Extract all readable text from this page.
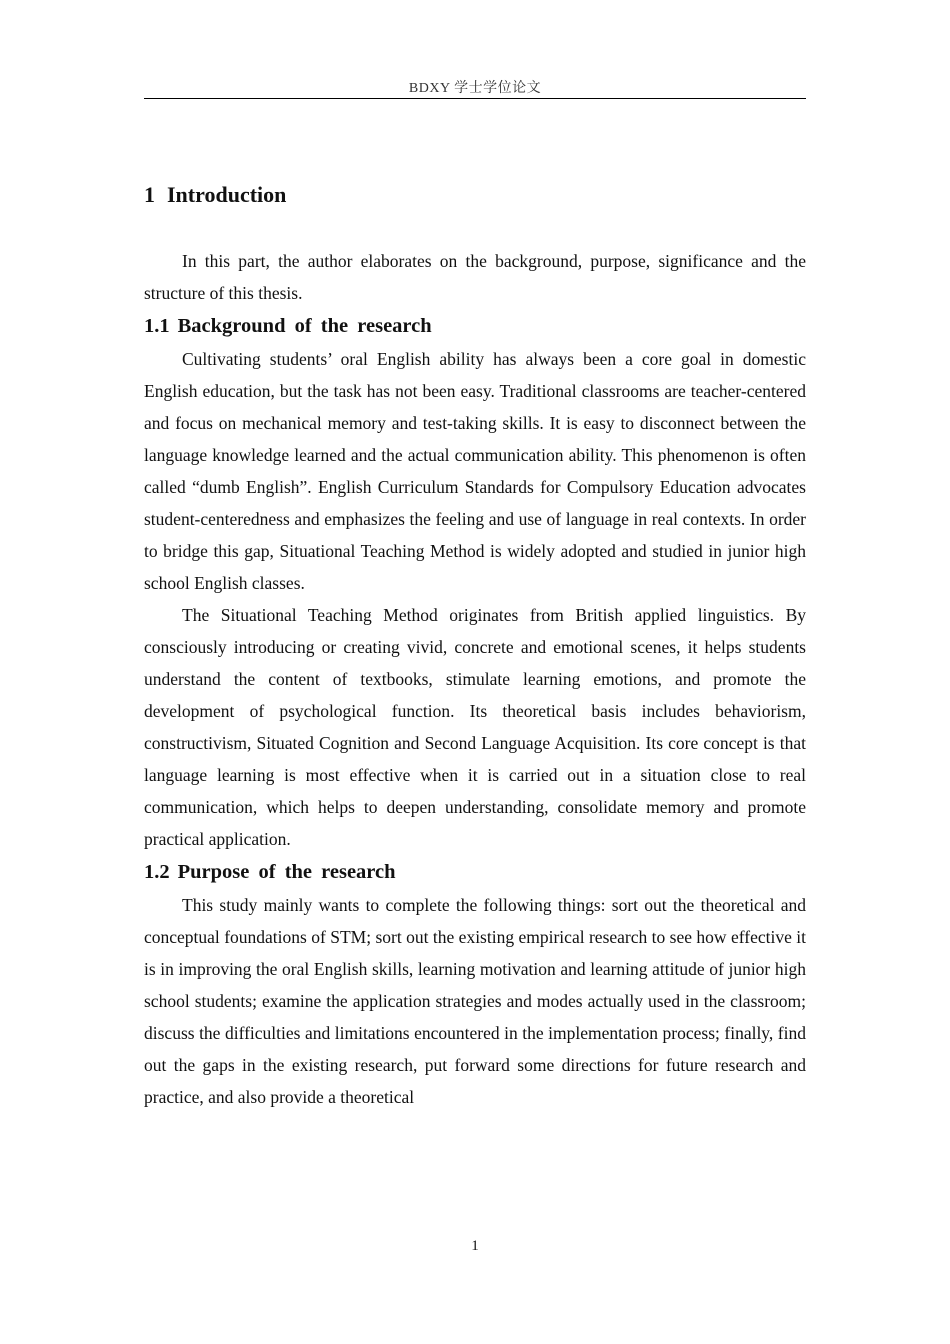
BDXY 学士学位论文
1 Introduction

In this part, the author elaborates on the background, purpose, significance and the structure of this thesis.

1.1 Background of the research

Cultivating students’ oral English ability has always been a core goal in domestic English education, but the task has not been easy. Traditional classrooms are teacher-centered and focus on mechanical memory and test-taking skills. It is easy to disconnect between the language knowledge learned and the actual communication ability. This phenomenon is often called “dumb English”. English Curriculum Standards for Compulsory Education advocates student-centeredness and emphasizes the feeling and use of language in real contexts. In order to bridge this gap, Situational Teaching Method is widely adopted and studied in junior high school English classes.

The Situational Teaching Method originates from British applied linguistics. By consciously introducing or creating vivid, concrete and emotional scenes, it helps students understand the content of textbooks, stimulate learning emotions, and promote the development of psychological function. Its theoretical basis includes behaviorism, constructivism, Situated Cognition and Second Language Acquisition. Its core concept is that language learning is most effective when it is carried out in a situation close to real communication, which helps to deepen understanding, consolidate memory and promote practical application.

1.2 Purpose of the research

This study mainly wants to complete the following things: sort out the theoretical and conceptual foundations of STM; sort out the existing empirical research to see how effective it is in improving the oral English skills, learning motivation and learning attitude of junior high school students; examine the application strategies and modes actually used in the classroom; discuss the difficulties and limitations encountered in the implementation process; finally, find out the gaps in the existing research, put forward some directions for future research and practice, and also provide a theoretical

1
